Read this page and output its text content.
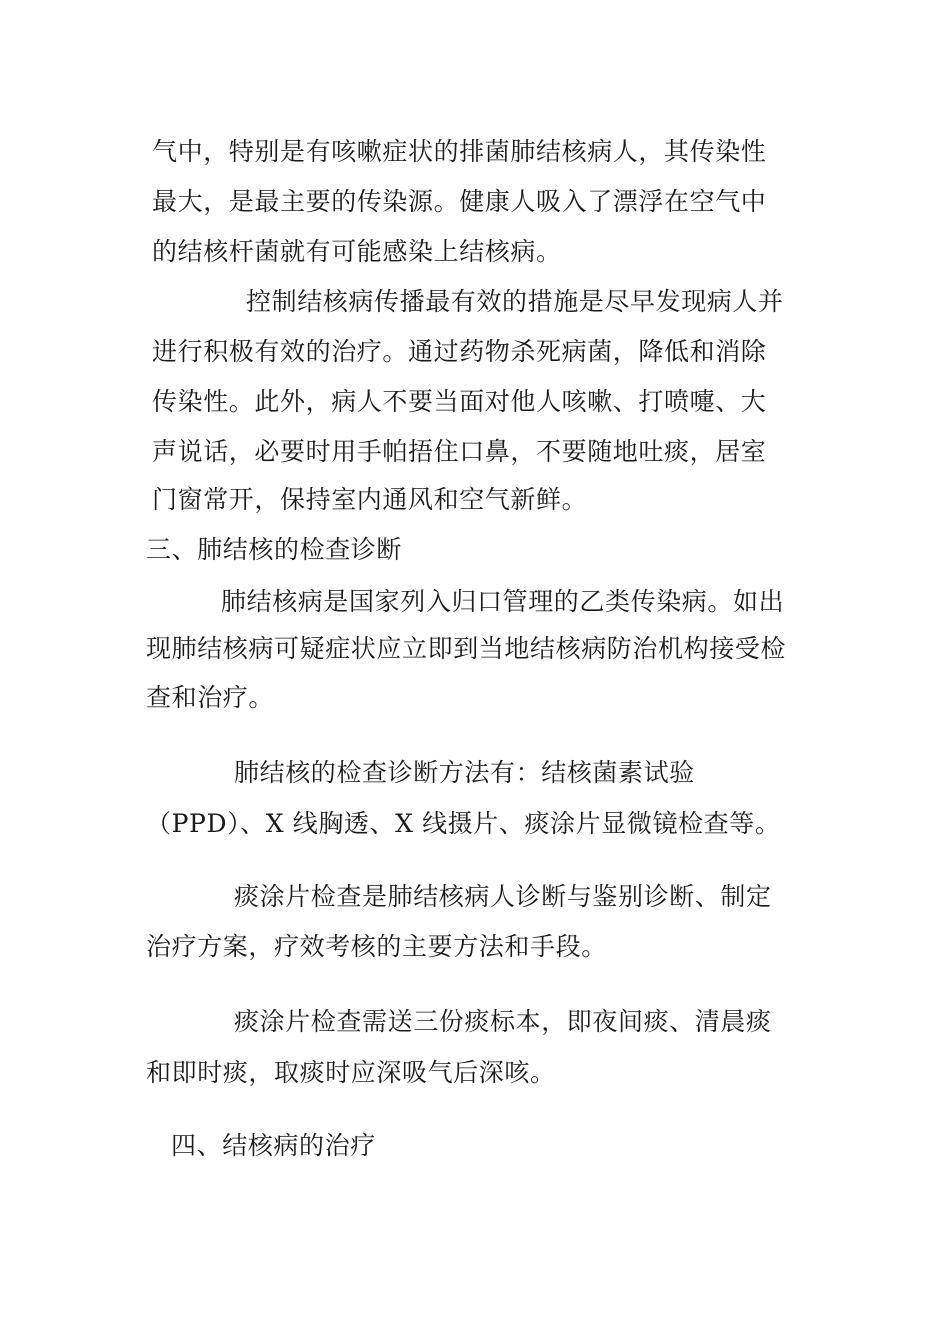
气中，特别是有咳嗽症状的排菌肺结核病人，其传染性
最大，是最主要的传染源。健康人吸入了漂浮在空气中
的结核杆菌就有可能感染上结核病。
控制结核病传播最有效的措施是尽早发现病人并
进行积极有效的治疗。通过药物杀死病菌，降低和消除
传染性。此外，病人不要当面对他人咳嗽、打喷嚏、大
声说话，必要时用手帕捂住口鼻，不要随地吐痰，居室
门窗常开，保持室内通风和空气新鲜。
三、肺结核的检查诊断
肺结核病是国家列入归口管理的乙类传染病。如出
现肺结核病可疑症状应立即到当地结核病防治机构接受检
查和治疗。
肺结核的检查诊断方法有：结核菌素试验
（PPD）、X 线胸透、X 线摄片、痰涂片显微镜检查等。
痰涂片检查是肺结核病人诊断与鉴别诊断、制定
治疗方案，疗效考核的主要方法和手段。
痰涂片检查需送三份痰标本，即夜间痰、清晨痰
和即时痰，取痰时应深吸气后深咳。
四、结核病的治疗
